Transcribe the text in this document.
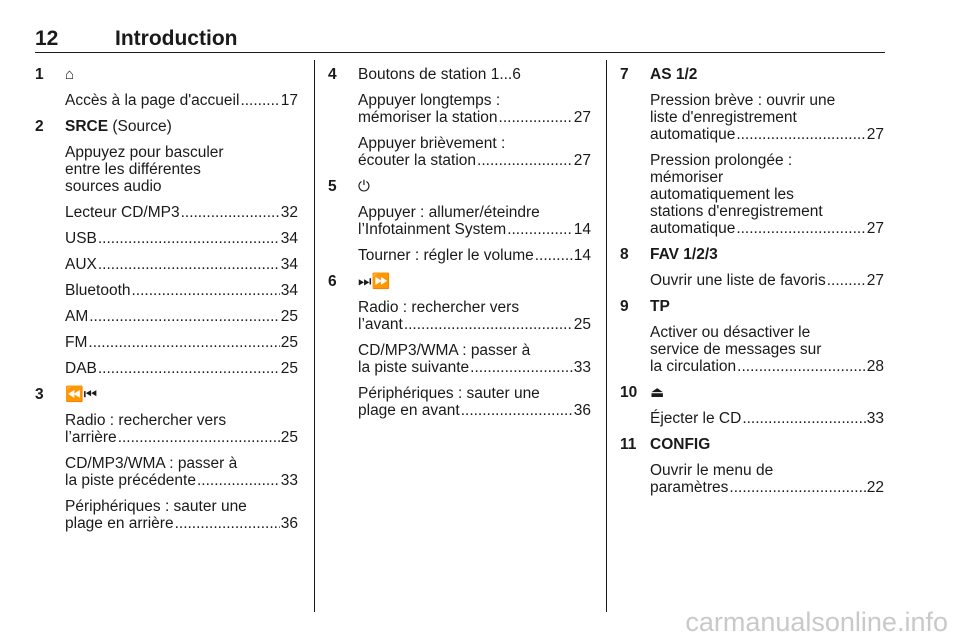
12	Introduction
1 ⌂
Accès à la page d'accueil .....	17
2 SRCE (Source)
Appuyez pour basculer
entre les différentes
sources audio
Lecteur CD/MP3 .....	32
USB .....	34
AUX .....	34
Bluetooth .....	34
AM .....	25
FM .....	25
DAB .....	25
3 ⏪⏮
Radio : rechercher vers
l’arrière .....	25
CD/MP3/WMA : passer à
la piste précédente .....	33
Périphériques : sauter une
plage en arrière .....	36
4 Boutons de station 1...6
Appuyer longtemps :
mémoriser la station .....	27
Appuyer brièvement :
écouter la station .....	27
5 ⏻
Appuyer : allumer/éteindre
l’Infotainment System .....	14
Tourner : régler le volume .....	14
6 ⏭⏩
Radio : rechercher vers
l’avant .....	25
CD/MP3/WMA : passer à
la piste suivante .....	33
Périphériques : sauter une
plage en avant .....	36
7 AS 1/2
Pression brève : ouvrir une
liste d'enregistrement
automatique .....	27
Pression prolongée :
mémoriser
automatiquement les
stations d'enregistrement
automatique .....	27
8 FAV 1/2/3
Ouvrir une liste de favoris .....	27
9 TP
Activer ou désactiver le
service de messages sur
la circulation .....	28
10 ⏏
Éjecter le CD .....	33
11 CONFIG
Ouvrir le menu de
paramètres .....	22
carmanualsonline.info
